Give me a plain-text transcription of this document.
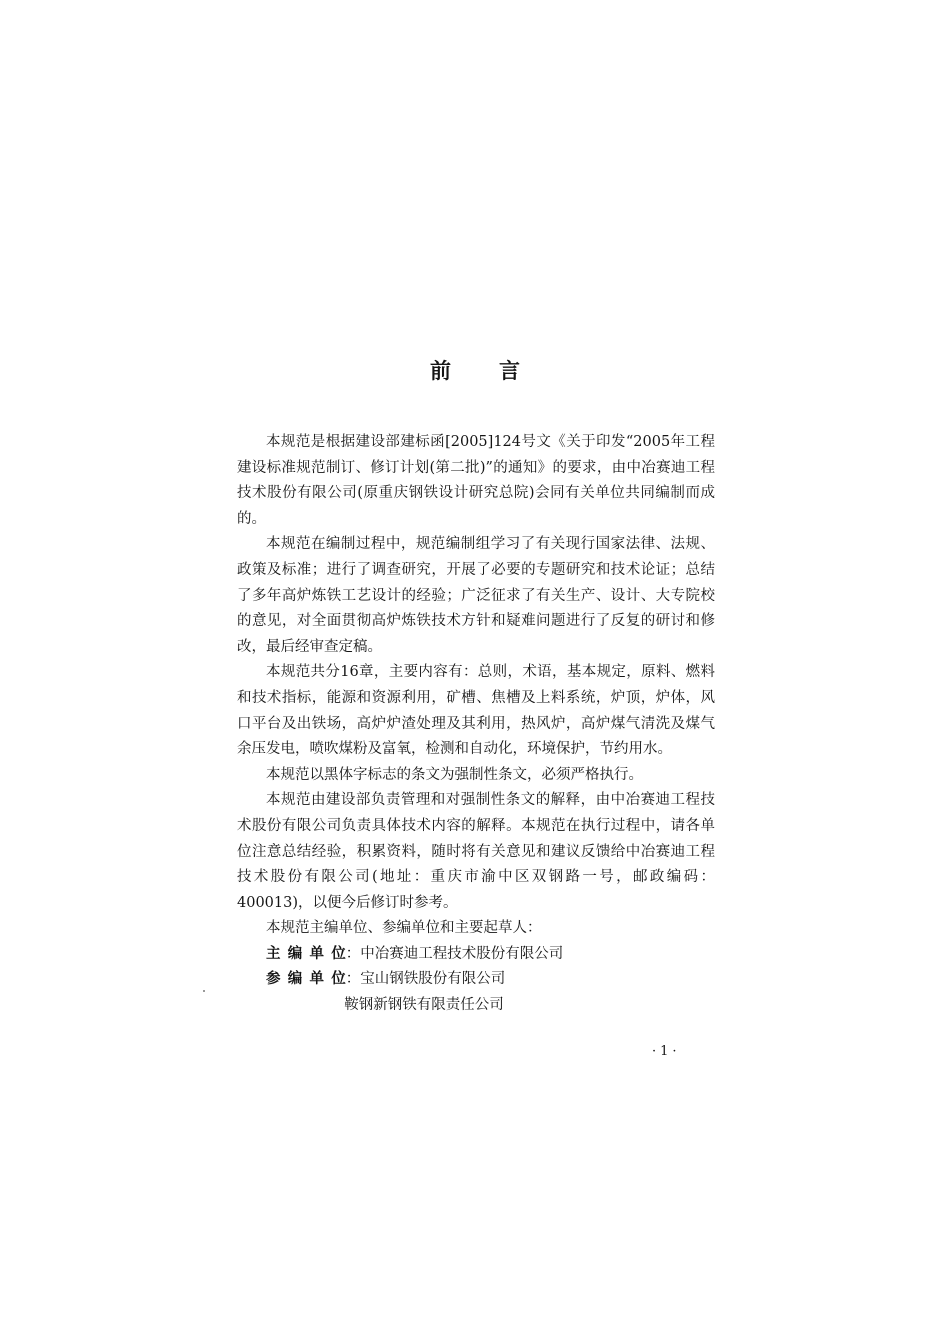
前言

本规范是根据建设部建标函[2005]124号文《关于印发“2005年工程建设标准规范制订、修订计划(第二批)”的通知》的要求，由中冶赛迪工程技术股份有限公司(原重庆钢铁设计研究总院)会同有关单位共同编制而成的。

本规范在编制过程中，规范编制组学习了有关现行国家法律、法规、政策及标准；进行了调查研究，开展了必要的专题研究和技术论证；总结了多年高炉炼铁工艺设计的经验；广泛征求了有关生产、设计、大专院校的意见，对全面贯彻高炉炼铁技术方针和疑难问题进行了反复的研讨和修改，最后经审查定稿。

本规范共分16章，主要内容有：总则，术语，基本规定，原料、燃料和技术指标，能源和资源利用，矿槽、焦槽及上料系统，炉顶，炉体，风口平台及出铁场，高炉炉渣处理及其利用，热风炉，高炉煤气清洗及煤气余压发电，喷吹煤粉及富氧，检测和自动化，环境保护，节约用水。

本规范以黑体字标志的条文为强制性条文，必须严格执行。

本规范由建设部负责管理和对强制性条文的解释，由中冶赛迪工程技术股份有限公司负责具体技术内容的解释。本规范在执行过程中，请各单位注意总结经验，积累资料，随时将有关意见和建议反馈给中冶赛迪工程技术股份有限公司(地址：重庆市渝中区双钢路一号，邮政编码：400013)，以便今后修订时参考。

本规范主编单位、参编单位和主要起草人：

主编单位：中冶赛迪工程技术股份有限公司

参编单位：宝山钢铁股份有限公司

鞍钢新钢铁有限责任公司

·1·
